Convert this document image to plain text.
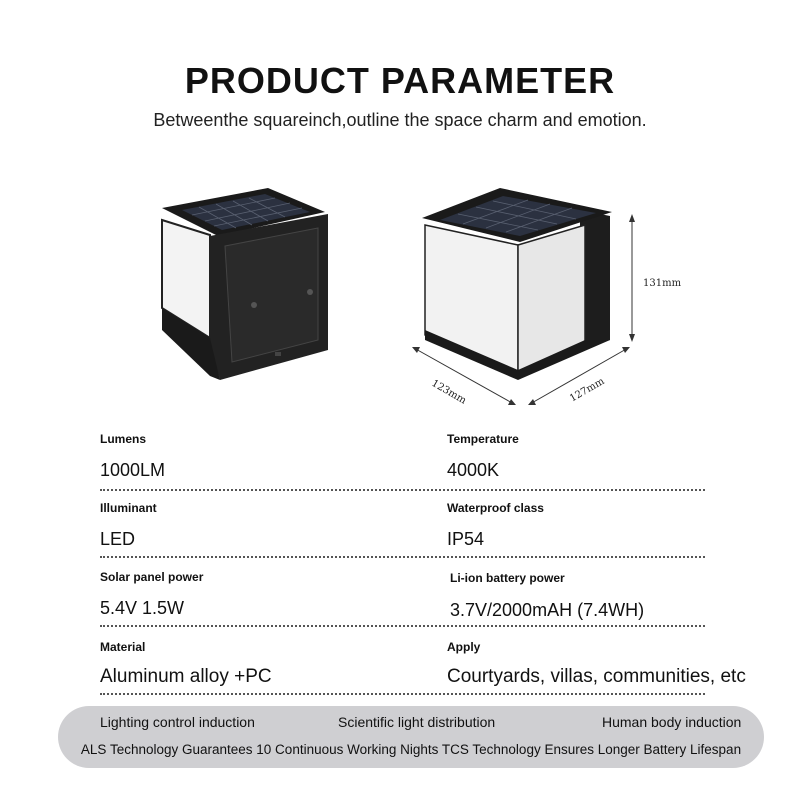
PRODUCT PARAMETER
Betweenthe squareinch,outline the space charm and emotion.
131mm
123mm	127mm
Lumens
1000LM
Temperature
4000K
Illuminant
LED
Waterproof class
IP54
Solar panel power
5.4V 1.5W
Li-ion battery power
3.7V/2000mAH (7.4WH)
Material
Aluminum alloy +PC
Apply
Courtyards, villas, communities, etc
Lighting control induction	Scientific light distribution	Human body induction
ALS Technology Guarantees 10 Continuous Working Nights TCS Technology Ensures Longer Battery Lifespan
